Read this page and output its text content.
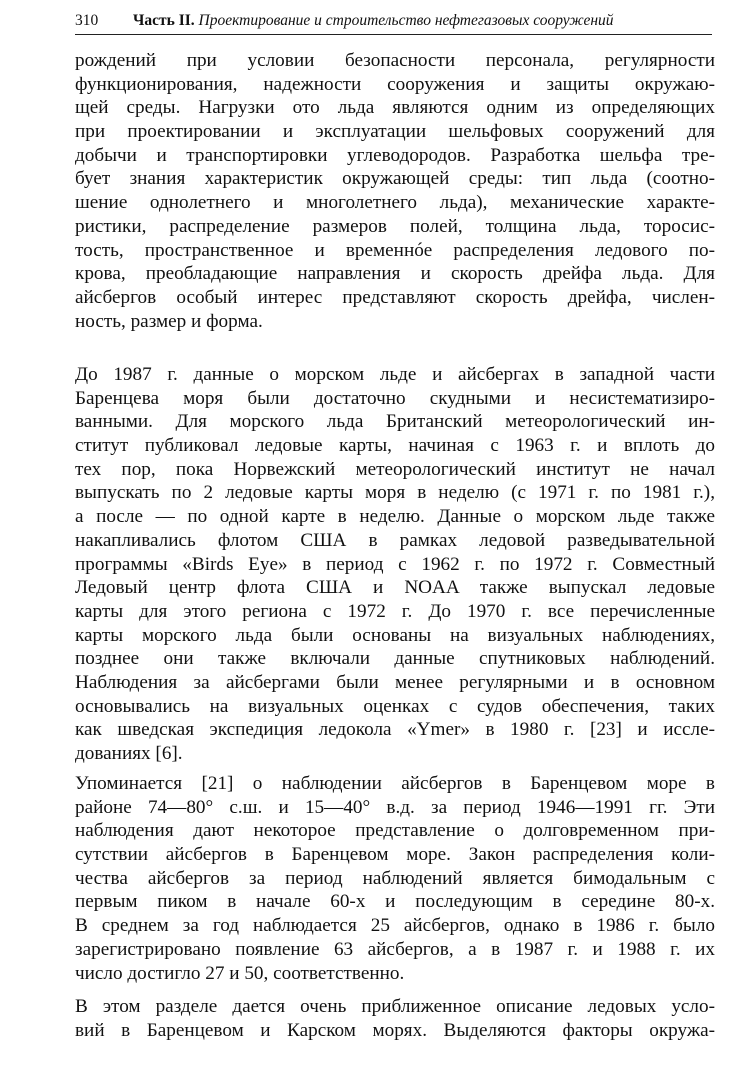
310 Часть II. Проектирование и строительство нефтегазовых сооружений
рождений при условии безопасности персонала, регулярности
функционирования, надежности сооружения и защиты окружаю-
щей среды. Нагрузки ото льда являются одним из определяющих
при проектировании и эксплуатации шельфовых сооружений для
добычи и транспортировки углеводородов. Разработка шельфа тре-
бует знания характеристик окружающей среды: тип льда (соотно-
шение однолетнего и многолетнего льда), механические характе-
ристики, распределение размеров полей, толщина льда, торосис-
тость, пространственное и временнóе распределения ледового по-
крова, преобладающие направления и скорость дрейфа льда. Для
айсбергов особый интерес представляют скорость дрейфа, числен-
ность, размер и форма.
До 1987 г. данные о морском льде и айсбергах в западной части
Баренцева моря были достаточно скудными и несистематизиро-
ванными. Для морского льда Британский метеорологический ин-
ститут публиковал ледовые карты, начиная с 1963 г. и вплоть до
тех пор, пока Норвежский метеорологический институт не начал
выпускать по 2 ледовые карты моря в неделю (с 1971 г. по 1981 г.),
а после — по одной карте в неделю. Данные о морском льде также
накапливались флотом США в рамках ледовой разведывательной
программы «Birds Eye» в период с 1962 г. по 1972 г. Совместный
Ледовый центр флота США и NOAA также выпускал ледовые
карты для этого региона с 1972 г. До 1970 г. все перечисленные
карты морского льда были основаны на визуальных наблюдениях,
позднее они также включали данные спутниковых наблюдений.
Наблюдения за айсбергами были менее регулярными и в основном
основывались на визуальных оценках с судов обеспечения, таких
как шведская экспедиция ледокола «Ymer» в 1980 г. [23] и иссле-
дованиях [6].
Упоминается [21] о наблюдении айсбергов в Баренцевом море в
районе 74—80° с.ш. и 15—40° в.д. за период 1946—1991 гг. Эти
наблюдения дают некоторое представление о долговременном при-
сутствии айсбергов в Баренцевом море. Закон распределения коли-
чества айсбергов за период наблюдений является бимодальным с
первым пиком в начале 60-х и последующим в середине 80-х.
В среднем за год наблюдается 25 айсбергов, однако в 1986 г. было
зарегистрировано появление 63 айсбергов, а в 1987 г. и 1988 г. их
число достигло 27 и 50, соответственно.
В этом разделе дается очень приближенное описание ледовых усло-
вий в Баренцевом и Карском морях. Выделяются факторы окружа-
